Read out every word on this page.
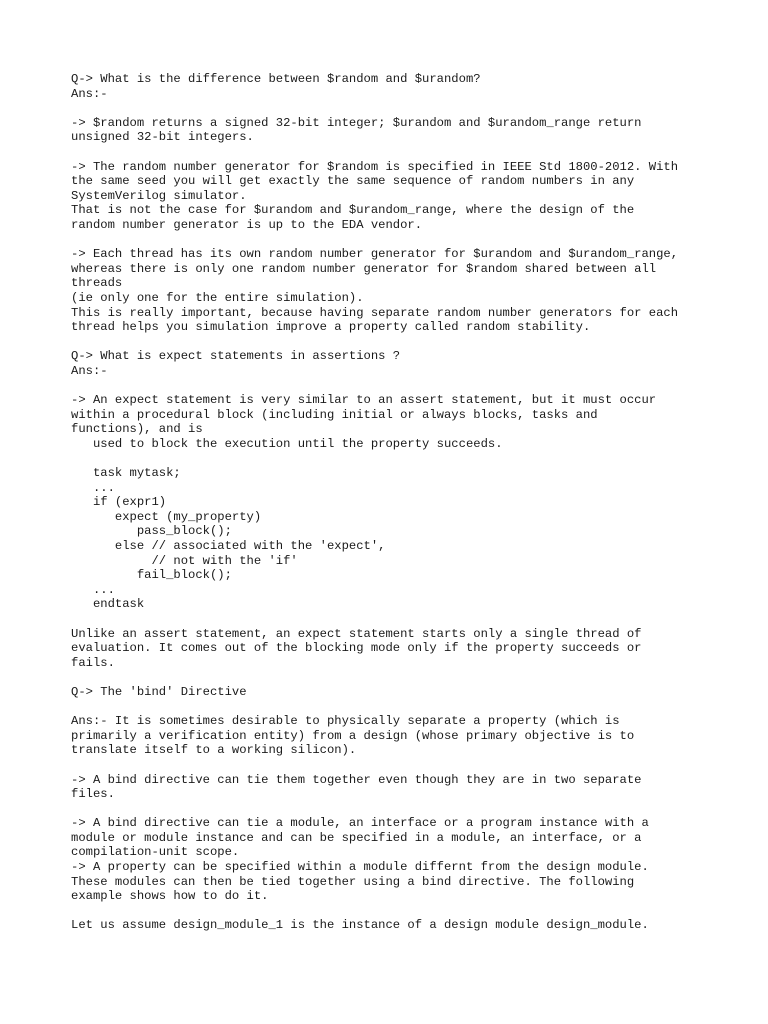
Q-> What is the difference between $random and $urandom?
Ans:-
-> $random returns a signed 32-bit integer; $urandom and $urandom_range return
unsigned 32-bit integers.
-> The random number generator for $random is specified in IEEE Std 1800-2012. With
the same seed you will get exactly the same sequence of random numbers in any
SystemVerilog simulator.
That is not the case for $urandom and $urandom_range, where the design of the
random number generator is up to the EDA vendor.
-> Each thread has its own random number generator for $urandom and $urandom_range,
whereas there is only one random number generator for $random shared between all
threads
(ie only one for the entire simulation).
This is really important, because having separate random number generators for each
thread helps you simulation improve a property called random stability.
Q-> What is expect statements in assertions ?
Ans:-
-> An expect statement is very similar to an assert statement, but it must occur
within a procedural block (including initial or always blocks, tasks and
functions), and is
used to block the execution until the property succeeds.
task mytask;
...
if (expr1)
expect (my_property)
pass_block();
else // associated with the 'expect',
// not with the 'if'
fail_block();
...
endtask
Unlike an assert statement, an expect statement starts only a single thread of
evaluation. It comes out of the blocking mode only if the property succeeds or
fails.
Q-> The 'bind' Directive
Ans:- It is sometimes desirable to physically separate a property (which is
primarily a verification entity) from a design (whose primary objective is to
translate itself to a working silicon).
-> A bind directive can tie them together even though they are in two separate
files.
-> A bind directive can tie a module, an interface or a program instance with a
module or module instance and can be specified in a module, an interface, or a
compilation-unit scope.
-> A property can be specified within a module differnt from the design module.
These modules can then be tied together using a bind directive. The following
example shows how to do it.
Let us assume design_module_1 is the instance of a design module design_module.
